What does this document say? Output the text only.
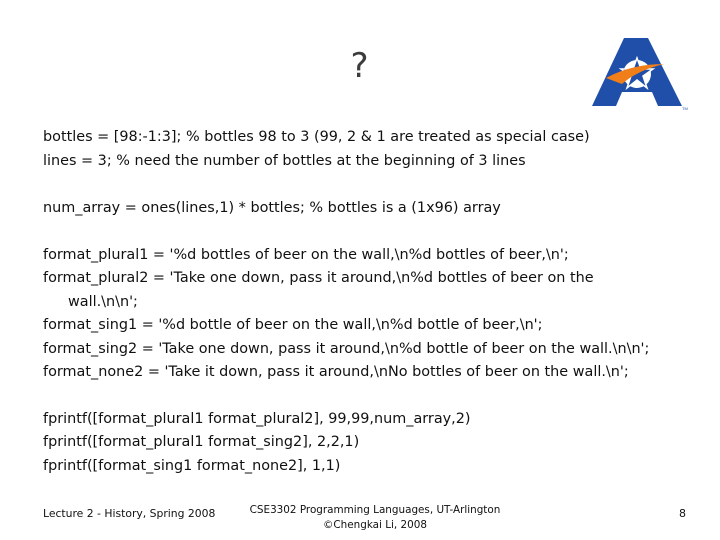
?
TM
bottles = [98:-1:3]; % bottles 98 to 3 (99, 2 & 1 are treated as special case)
lines = 3; % need the number of bottles at the beginning of 3 lines
num_array = ones(lines,1) * bottles; % bottles is a (1x96) array
format_plural1 = '%d bottles of beer on the wall,\n%d bottles of beer,\n';
format_plural2 = 'Take one down, pass it around,\n%d bottles of beer on the
wall.\n\n';
format_sing1 = '%d bottle of beer on the wall,\n%d bottle of beer,\n';
format_sing2 = 'Take one down, pass it around,\n%d bottle of beer on the wall.\n\n';
format_none2 = 'Take it down, pass it around,\nNo bottles of beer on the wall.\n';
fprintf([format_plural1 format_plural2], 99,99,num_array,2)
fprintf([format_plural1 format_sing2], 2,2,1)
fprintf([format_sing1 format_none2], 1,1)
Lecture 2 - History, Spring 2008	CSE3302 Programming Languages, UT-Arlington
©Chengkai Li, 2008
8
